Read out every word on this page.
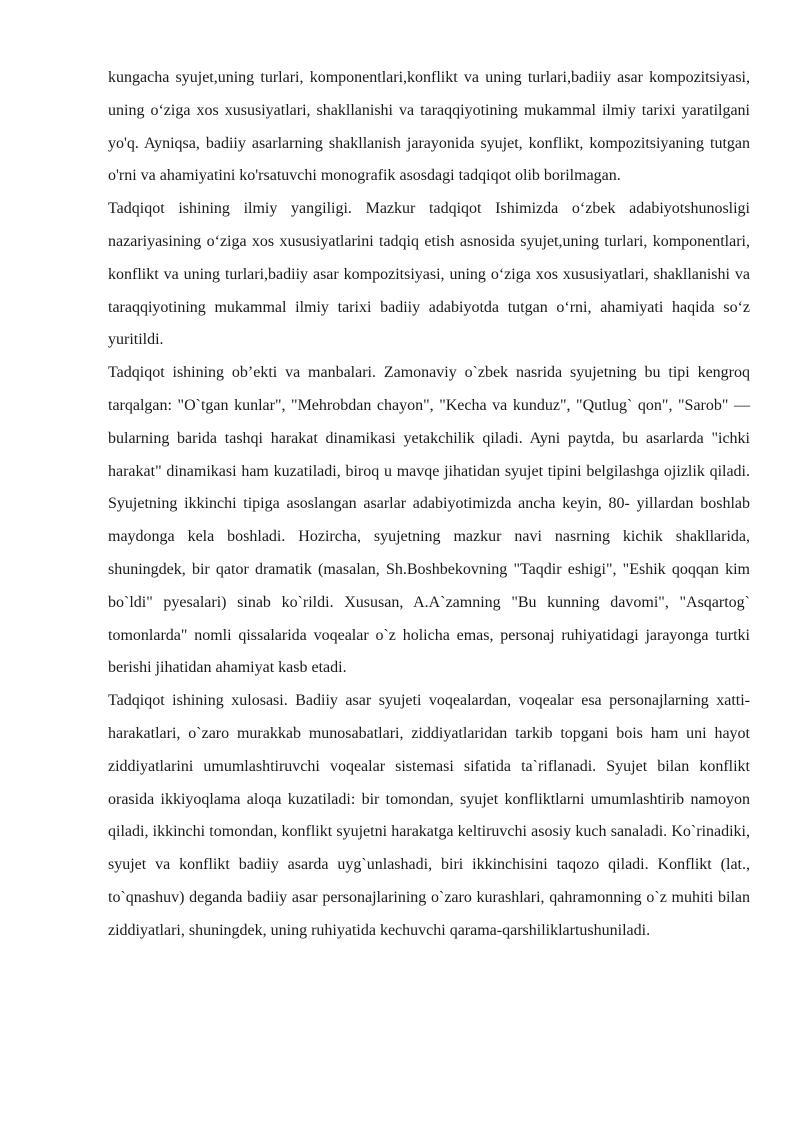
kungacha syujet,uning turlari, komponentlari,konflikt va uning turlari,badiiy asar kompozitsiyasi, uning o‘ziga xos xususiyatlari, shakllanishi va taraqqiyotining mukammal ilmiy tarixi yaratilgani yo'q. Ayniqsa, badiiy asarlarning shakllanish jarayonida syujet, konflikt, kompozitsiyaning tutgan o'rni va ahamiyatini ko'rsatuvchi monografik asosdagi tadqiqot olib borilmagan.

Tadqiqot ishining ilmiy yangiligi. Mazkur tadqiqot Ishimizda o‘zbek adabiyotshunosligi nazariyasining o‘ziga xos xususiyatlarini tadqiq etish asnosida syujet,uning turlari, komponentlari, konflikt va uning turlari,badiiy asar kompozitsiyasi, uning o‘ziga xos xususiyatlari, shakllanishi va taraqqiyotining mukammal ilmiy tarixi badiiy adabiyotda tutgan o‘rni, ahamiyati haqida so‘z yuritildi.

Tadqiqot ishining ob’ekti va manbalari. Zamonaviy o`zbek nasrida syujetning bu tipi kengroq tarqalgan: "O`tgan kunlar", "Mehrobdan chayon", "Kecha va kunduz", "Qutlug` qon", "Sarob" — bularning barida tashqi harakat dinamikasi yetakchilik qiladi. Ayni paytda, bu asarlarda "ichki harakat" dinamikasi ham kuzatiladi, biroq u mavqe jihatidan syujet tipini belgilashga ojizlik qiladi. Syujetning ikkinchi tipiga asoslangan asarlar adabiyotimizda ancha keyin, 80- yillardan boshlab maydonga kela boshladi. Hozircha, syujetning mazkur navi nasrning kichik shakllarida, shuningdek, bir qator dramatik (masalan, Sh.Boshbekovning "Taqdir eshigi", "Eshik qoqqan kim bo`ldi" pyesalari) sinab ko`rildi. Xususan, A.A`zamning "Bu kunning davomi", "Asqartog` tomonlarda" nomli qissalarida voqealar o`z holicha emas, personaj ruhiyatidagi jarayonga turtki berishi jihatidan ahamiyat kasb etadi.

Tadqiqot ishining xulosasi. Badiiy asar syujeti voqealardan, voqealar esa personajlarning xatti-harakatlari, o`zaro murakkab munosabatlari, ziddiyatlaridan tarkib topgani bois ham uni hayot ziddiyatlarini umumlashtiruvchi voqealar sistemasi sifatida ta`riflanadi. Syujet bilan konflikt orasida ikkiyoqlama aloqa kuzatiladi: bir tomondan, syujet konfliktlarni umumlashtirib namoyon qiladi, ikkinchi tomondan, konflikt syujetni harakatga keltiruvchi asosiy kuch sanaladi. Ko`rinadiki, syujet va konflikt badiiy asarda uyg`unlashadi, biri ikkinchisini taqozo qiladi. Konflikt (lat., to`qnashuv) deganda badiiy asar personajlarining o`zaro kurashlari, qahramonning o`z muhiti bilan ziddiyatlari, shuningdek, uning ruhiyatida kechuvchi qarama-qarshiliklartushuniladi.
